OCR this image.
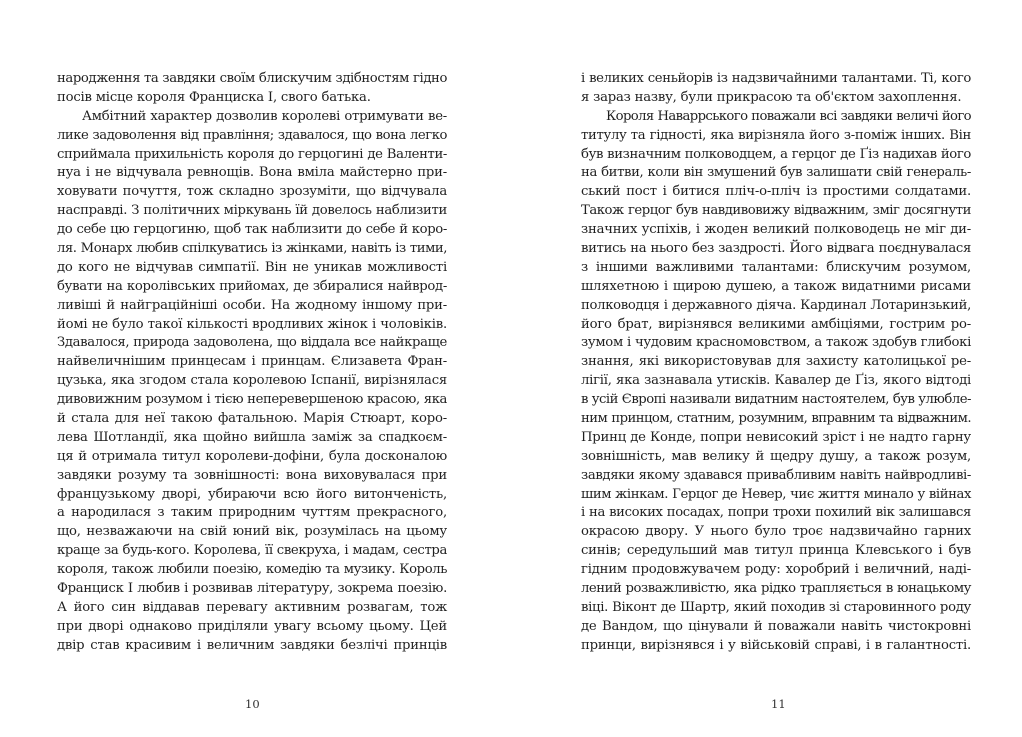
народження та завдяки своїм блискучим здібностям гідно
посів місце короля Франциска І, свого батька.
Амбітний характер дозволив королеві отримувати ве-
лике задоволення від правління; здавалося, що вона легко
сприймала прихильність короля до герцогині де Валенти-
нуа і не відчувала ревнощів. Вона вміла майстерно при-
ховувати почуття, тож складно зрозуміти, що відчувала
насправді. З політичних міркувань їй довелось наблизити
до себе цю герцогиню, щоб так наблизити до себе й коро-
ля. Монарх любив спілкуватись із жінками, навіть із тими,
до кого не відчував симпатії. Він не уникав можливості
бувати на королівських прийомах, де збиралися найврод-
ливіші й найграційніші особи. На жодному іншому при-
йомі не було такої кількості вродливих жінок і чоловіків.
Здавалося, природа задоволена, що віддала все найкраще
найвеличнішим принцесам і принцам. Єлизавета Фран-
цузька, яка згодом стала королевою Іспанії, вирізнялася
дивовижним розумом і тією неперевершеною красою, яка
й стала для неї такою фатальною. Марія Стюарт, коро-
лева Шотландії, яка щойно вийшла заміж за спадкоєм-
ця й отримала титул королеви-дофіни, була досконалою
завдяки розуму та зовнішності: вона виховувалася при
французькому дворі, убираючи всю його витонченість,
а народилася з таким природним чуттям прекрасного,
що, незважаючи на свій юний вік, розумілась на цьому
краще за будь-кого. Королева, її свекруха, і мадам, сестра
короля, також любили поезію, комедію та музику. Король
Франциск І любив і розвивав літературу, зокрема поезію.
А його син віддавав перевагу активним розвагам, тож
при дворі однаково приділяли увагу всьому цьому. Цей
двір став красивим і величним завдяки безлічі принців
10
і великих сеньйорів із надзвичайними талантами. Ті, кого
я зараз назву, були прикрасою та об'єктом захоплення.
Короля Наваррського поважали всі завдяки величі його
титулу та гідності, яка вирізняла його з-поміж інших. Він
був визначним полководцем, а герцог де Ґіз надихав його
на битви, коли він змушений був залишати свій генераль-
ський пост і битися пліч-о-пліч із простими солдатами.
Також герцог був навдивовижу відважним, зміг досягнути
значних успіхів, і жоден великий полководець не міг ди-
витись на нього без заздрості. Його відвага поєднувалася
з іншими важливими талантами: блискучим розумом,
шляхетною і щирою душею, а також видатними рисами
полководця і державного діяча. Кардинал Лотаринзький,
його брат, вирізнявся великими амбіціями, гострим ро-
зумом і чудовим красномовством, а також здобув глибокі
знання, які використовував для захисту католицької ре-
лігії, яка зазнавала утисків. Кавалер де Ґіз, якого відтоді
в усій Європі називали видатним настоятелем, був улюбле-
ним принцом, статним, розумним, вправним та відважним.
Принц де Конде, попри невисокий зріст і не надто гарну
зовнішність, мав велику й щедру душу, а також розум,
завдяки якому здавався привабливим навіть найвродливі-
шим жінкам. Герцог де Невер, чиє життя минало у війнах
і на високих посадах, попри трохи похилий вік залишався
окрасою двору. У нього було троє надзвичайно гарних
синів; середульший мав титул принца Клевського і був
гідним продовжувачем роду: хоробрий і величний, наді-
лений розважливістю, яка рідко трапляється в юнацькому
віці. Віконт де Шартр, який походив зі старовинного роду
де Вандом, що цінували й поважали навіть чистокровні
принци, вирізнявся і у військовій справі, і в галантності.
11
